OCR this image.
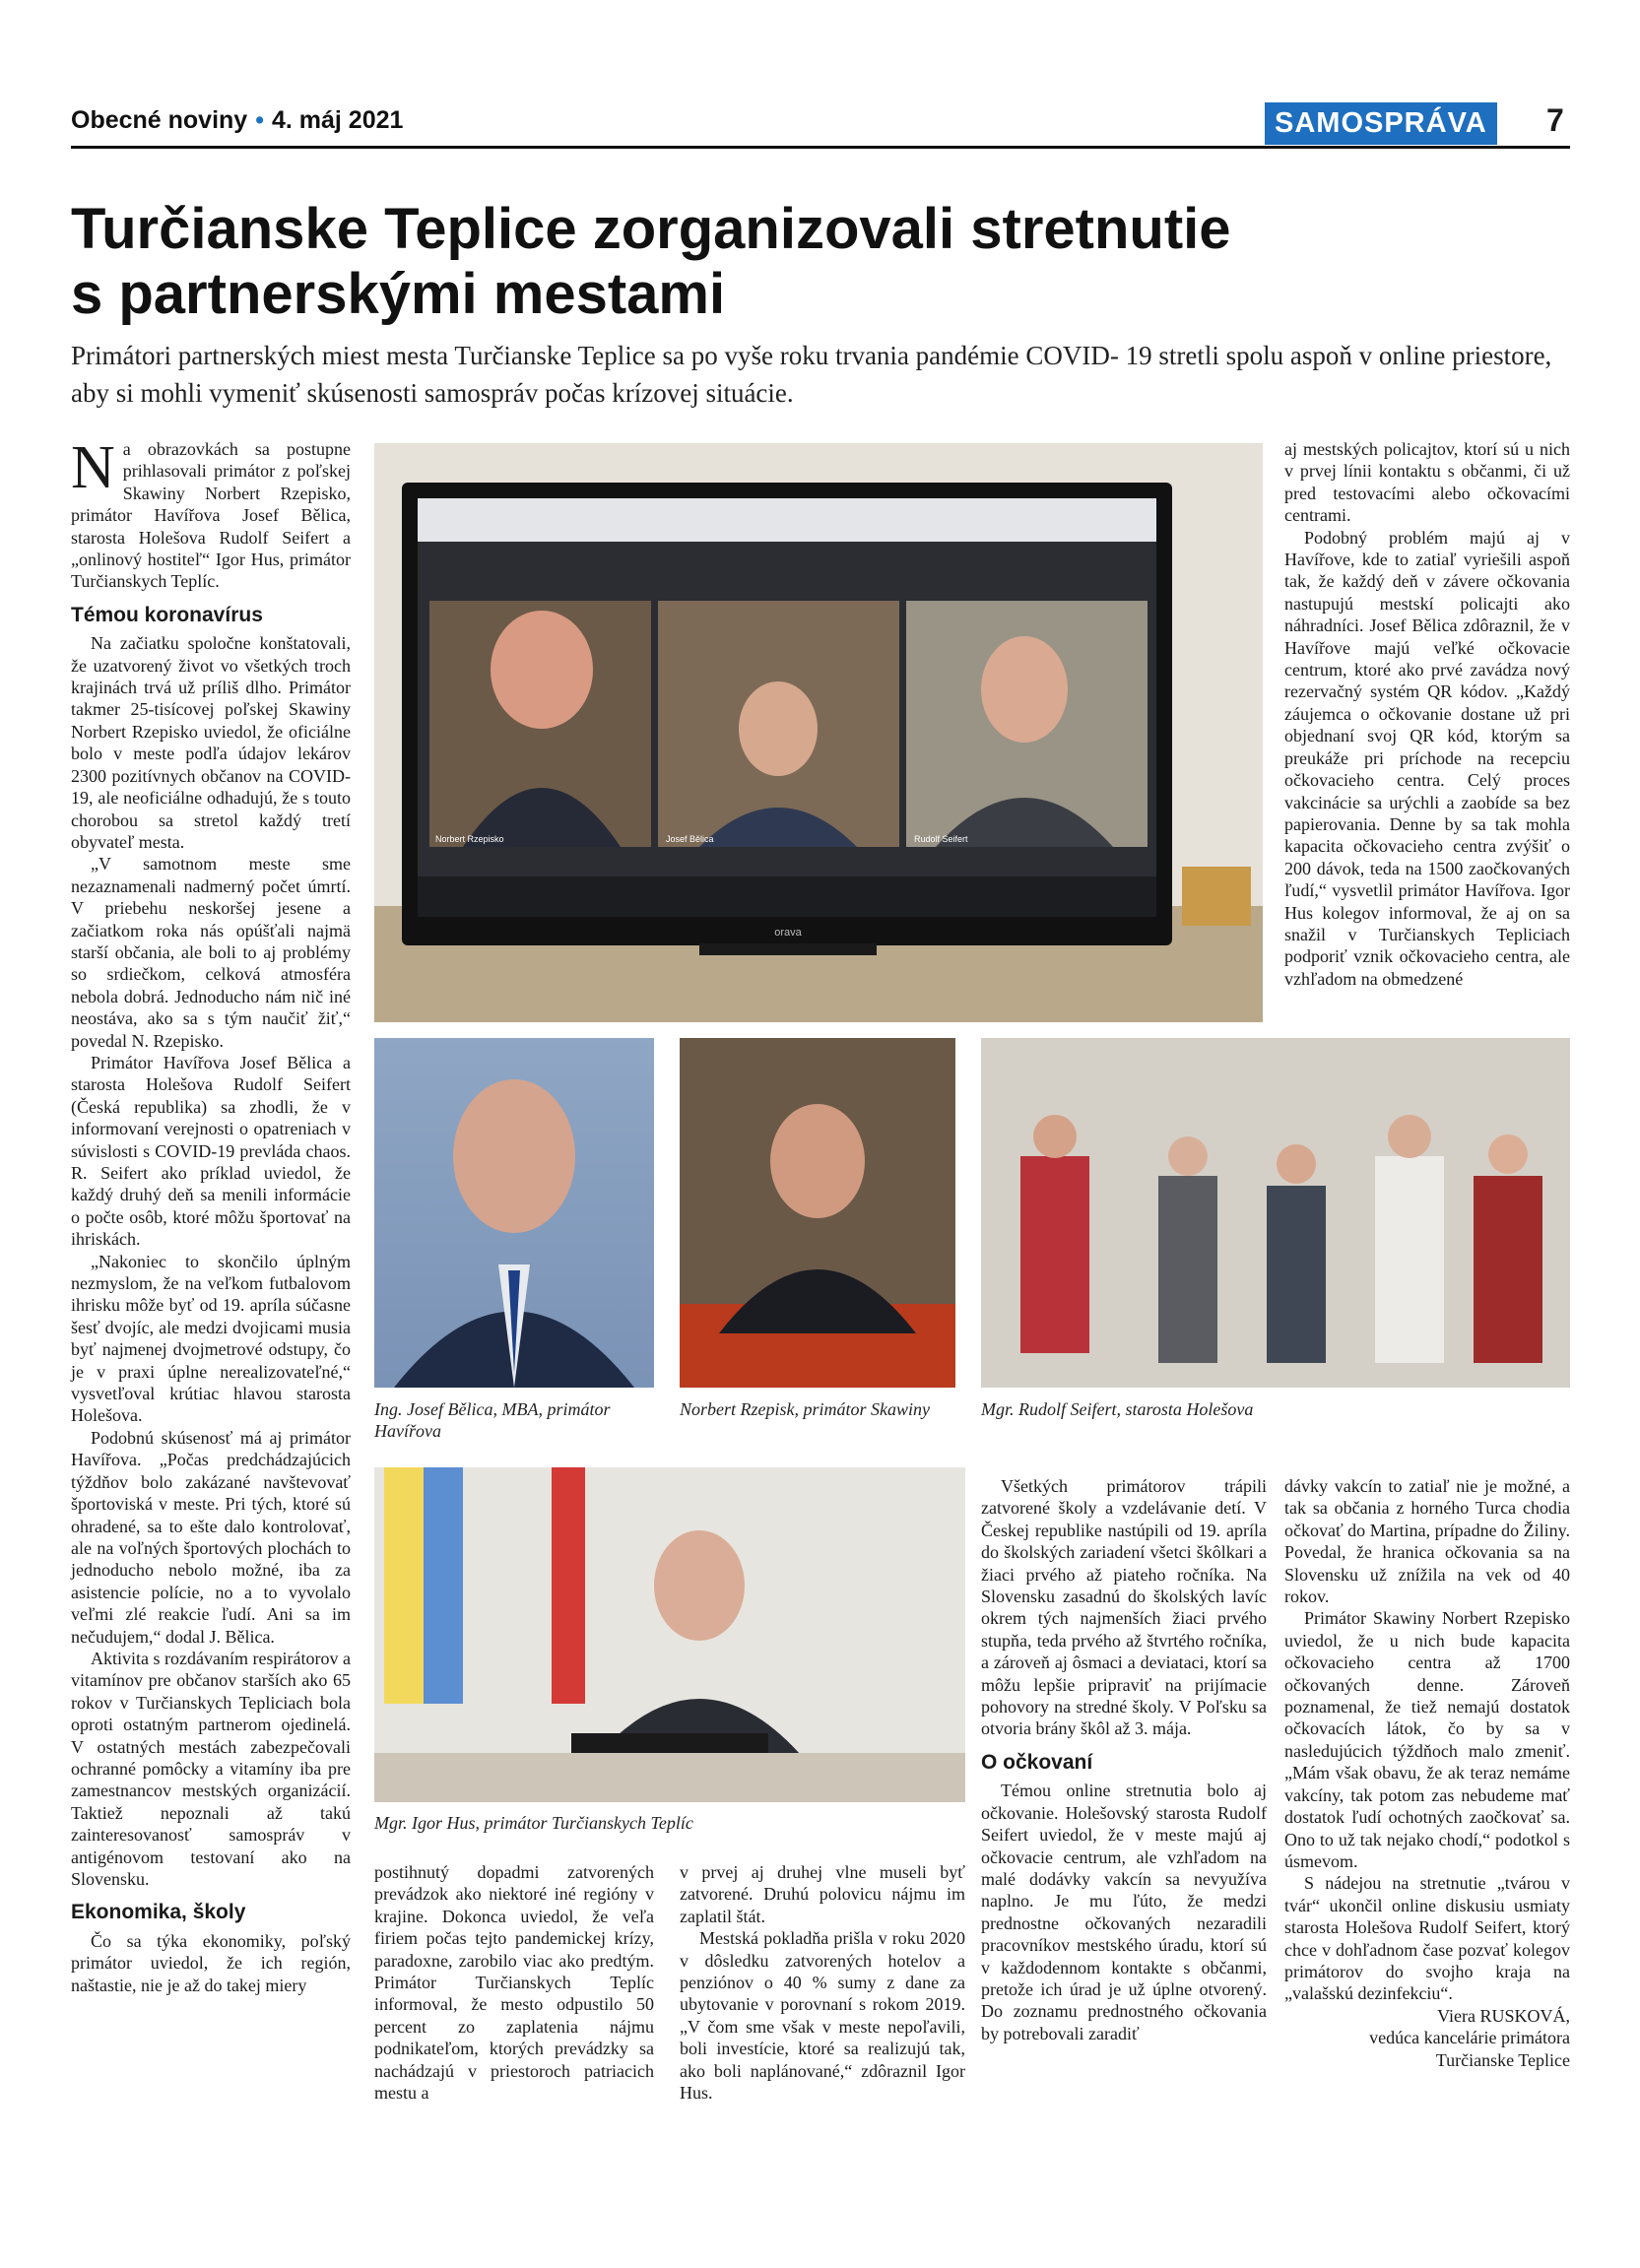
Obecné noviny • 4. máj 2021	SAMOSPRÁVA	7
Turčianske Teplice zorganizovali stretnutie
s partnerskými mestami

Primátori partnerských miest mesta Turčianske Teplice sa po vyše roku trvania pandémie COVID- 19 stretli spolu aspoň v online priestore, aby si mohli vymeniť skúsenosti samospráv počas krízovej situácie.

Na obrazovkách sa postupne prihlasovali primátor z poľskej Skawiny Norbert Rzepisko, primátor Havířova Josef Bělica, starosta Holešova Rudolf Seifert a „onlinový hostiteľ“ Igor Hus, primátor Turčianskych Teplíc.

Témou koronavírus

Na začiatku spoločne konštatovali, že uzatvorený život vo všetkých troch krajinách trvá už príliš dlho. Primátor takmer 25-tisícovej poľskej Skawiny Norbert Rzepisko uviedol, že oficiálne bolo v meste podľa údajov lekárov 2300 pozitívnych občanov na COVID-19, ale neoficiálne odhadujú, že s touto chorobou sa stretol každý tretí obyvateľ mesta.

„V samotnom meste sme nezaznamenali nadmerný počet úmrtí. V priebehu neskoršej jesene a začiatkom roka nás opúšťali najmä starší občania, ale boli to aj problémy so srdiečkom, celková atmosféra nebola dobrá. Jednoducho nám nič iné neostáva, ako sa s tým naučiť žiť,“ povedal N. Rzepisko.

Primátor Havířova Josef Bělica a starosta Holešova Rudolf Seifert (Česká republika) sa zhodli, že v informovaní verejnosti o opatreniach v súvislosti s COVID-19 prevláda chaos. R. Seifert ako príklad uviedol, že každý druhý deň sa menili informácie o počte osôb, ktoré môžu športovať na ihriskách.

„Nakoniec to skončilo úplným nezmyslom, že na veľkom futbalovom ihrisku môže byť od 19. apríla súčasne šesť dvojíc, ale medzi dvojicami musia byť najmenej dvojmetrové odstupy, čo je v praxi úplne nerealizovateľné,“ vysvetľoval krútiac hlavou starosta Holešova.

Podobnú skúsenosť má aj primátor Havířova. „Počas predchádzajúcich týždňov bolo zakázané navštevovať športoviská v meste. Pri tých, ktoré sú ohradené, sa to ešte dalo kontrolovať, ale na voľných športových plochách to jednoducho nebolo možné, iba za asistencie polície, no a to vyvolalo veľmi zlé reakcie ľudí. Ani sa im nečudujem,“ dodal J. Bělica.

Aktivita s rozdávaním respirátorov a vitamínov pre občanov starších ako 65 rokov v Turčianskych Tepliciach bola oproti ostatným partnerom ojedinelá. V ostatných mestách zabezpečovali ochranné pomôcky a vitamíny iba pre zamestnancov mestských organizácií. Taktiež nepoznali až takú zainteresovanosť samospráv v antigénovom testovaní ako na Slovensku.

Ekonomika, školy

Čo sa týka ekonomiky, poľský primátor uviedol, že ich región, naštastie, nie je až do takej miery

orava
Norbert Rzepisko	Josef Bělica	Rudolf Seifert

aj mestských policajtov, ktorí sú u nich v prvej línii kontaktu s občanmi, či už pred testovacími alebo očkovacími centrami.

Podobný problém majú aj v Havířove, kde to zatiaľ vyriešili aspoň tak, že každý deň v závere očkovania nastupujú mestskí policajti ako náhradníci. Josef Bělica zdôraznil, že v Havířove majú veľké očkovacie centrum, ktoré ako prvé zavádza nový rezervačný systém QR kódov. „Každý záujemca o očkovanie dostane už pri objednaní svoj QR kód, ktorým sa preukáže pri príchode na recepciu očkovacieho centra. Celý proces vakcinácie sa urýchli a zaobíde sa bez papierovania. Denne by sa tak mohla kapacita očkovacieho centra zvýšiť o 200 dávok, teda na 1500 zaočkovaných ľudí,“ vysvetlil primátor Havířova. Igor Hus kolegov informoval, že aj on sa snažil v Turčianskych Tepliciach podporiť vznik očkovacieho centra, ale vzhľadom na obmedzené

Ing. Josef Bělica, MBA, primátor Havířova
Norbert Rzepisk, primátor Skawiny	Mgr. Rudolf Seifert, starosta Holešova
Mgr. Igor Hus, primátor Turčianskych Teplíc

postihnutý dopadmi zatvorených prevádzok ako niektoré iné regióny v krajine. Dokonca uviedol, že veľa firiem počas tejto pandemickej krízy, paradoxne, zarobilo viac ako predtým. Primátor Turčianskych Teplíc informoval, že mesto odpustilo 50 percent zo zaplatenia nájmu podnikateľom, ktorých prevádzky sa nachádzajú v priestoroch patriacich mestu a

v prvej aj druhej vlne museli byť zatvorené. Druhú polovicu nájmu im zaplatil štát.

Mestská pokladňa prišla v roku 2020 v dôsledku zatvorených hotelov a penziónov o 40 % sumy z dane za ubytovanie v porovnaní s rokom 2019. „V čom sme však v meste nepoľavili, boli investície, ktoré sa realizujú tak, ako boli naplánované,“ zdôraznil Igor Hus.

Všetkých primátorov trápili zatvorené školy a vzdelávanie detí. V Českej republike nastúpili od 19. apríla do školských zariadení všetci škôlkari a žiaci prvého až piateho ročníka. Na Slovensku zasadnú do školských lavíc okrem tých najmenších žiaci prvého stupňa, teda prvého až štvrtého ročníka, a zároveň aj ôsmaci a deviataci, ktorí sa môžu lepšie pripraviť na prijímacie pohovory na stredné školy. V Poľsku sa otvoria brány škôl až 3. mája.

O očkovaní

Témou online stretnutia bolo aj očkovanie. Holešovský starosta Rudolf Seifert uviedol, že v meste majú aj očkovacie centrum, ale vzhľadom na malé dodávky vakcín sa nevyužíva naplno. Je mu ľúto, že medzi prednostne očkovaných nezaradili pracovníkov mestského úradu, ktorí sú v každodennom kontakte s občanmi, pretože ich úrad je už úplne otvorený. Do zoznamu prednostného očkovania by potrebovali zaradiť

dávky vakcín to zatiaľ nie je možné, a tak sa občania z horného Turca chodia očkovať do Martina, prípadne do Žiliny. Povedal, že hranica očkovania sa na Slovensku už znížila na vek od 40 rokov.

Primátor Skawiny Norbert Rzepisko uviedol, že u nich bude kapacita očkovacieho centra až 1700 očkovaných denne. Zároveň poznamenal, že tiež nemajú dostatok očkovacích látok, čo by sa v nasledujúcich týždňoch malo zmeniť. „Mám však obavu, že ak teraz nemáme vakcíny, tak potom zas nebudeme mať dostatok ľudí ochotných zaočkovať sa. Ono to už tak nejako chodí,“ podotkol s úsmevom.

S nádejou na stretnutie „tvárou v tvár“ ukončil online diskusiu usmiaty starosta Holešova Rudolf Seifert, ktorý chce v dohľadnom čase pozvať kolegov primátorov do svojho kraja na „valašskú dezinfekciu“.

Viera RUSKOVÁ,

vedúca kancelárie primátora

Turčianske Teplice
